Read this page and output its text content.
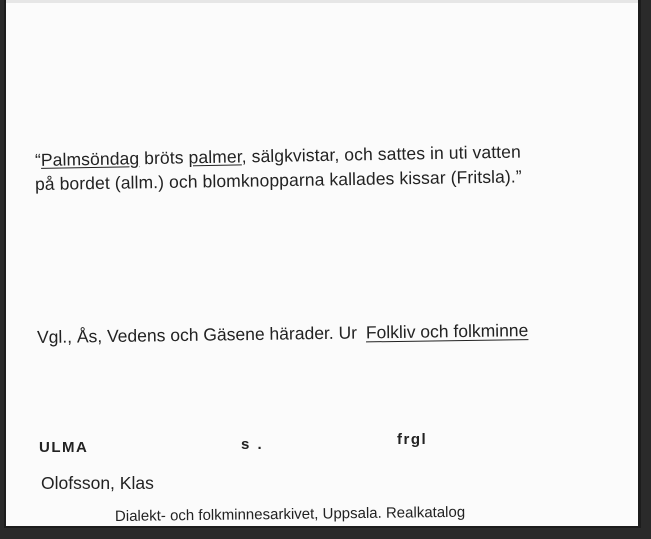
“Palmsöndag bröts palmer, sälgkvistar, och sattes in uti vatten
på bordet (allm.) och blomknopparna kallades kissar (Fritsla).”
Vgl., Ås, Vedens och Gäsene härader. Ur Folkliv och folkminne
ULMA	s .	frgl
Olofsson, Klas
Dialekt- och folkminnesarkivet, Uppsala. Realkatalog
